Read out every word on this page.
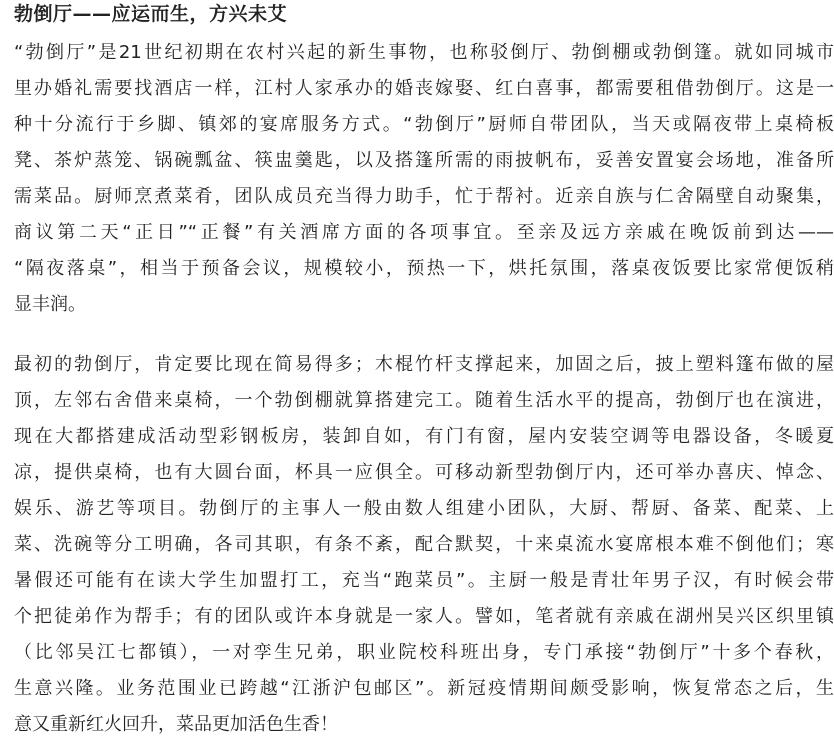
勃倒厅——应运而生，方兴未艾
“勃倒厅”是21世纪初期在农村兴起的新生事物，也称驳倒厅、勃倒棚或勃倒篷。就如同城市
里办婚礼需要找酒店一样，江村人家承办的婚丧嫁娶、红白喜事，都需要租借勃倒厅。这是一
种十分流行于乡脚、镇郊的宴席服务方式。“勃倒厅”厨师自带团队，当天或隔夜带上桌椅板
凳、茶炉蒸笼、锅碗瓢盆、筷盅羹匙，以及搭篷所需的雨披帆布，妥善安置宴会场地，准备所
需菜品。厨师烹煮菜肴，团队成员充当得力助手，忙于帮衬。近亲自族与仁舍隔壁自动聚集，
商议第二天“正日”“正餐”有关酒席方面的各项事宜。至亲及远方亲戚在晚饭前到达——
“隔夜落桌”，相当于预备会议，规模较小，预热一下，烘托氛围，落桌夜饭要比家常便饭稍
显丰润。
最初的勃倒厅，肯定要比现在简易得多；木棍竹杆支撑起来，加固之后，披上塑料篷布做的屋
顶，左邻右舍借来桌椅，一个勃倒棚就算搭建完工。随着生活水平的提高，勃倒厅也在演进，
现在大都搭建成活动型彩钢板房，装卸自如，有门有窗，屋内安装空调等电器设备，冬暖夏
凉，提供桌椅，也有大圆台面，杯具一应俱全。可移动新型勃倒厅内，还可举办喜庆、悼念、
娱乐、游艺等项目。勃倒厅的主事人一般由数人组建小团队，大厨、帮厨、备菜、配菜、上
菜、洗碗等分工明确，各司其职，有条不紊，配合默契，十来桌流水宴席根本难不倒他们；寒
暑假还可能有在读大学生加盟打工，充当“跑菜员”。主厨一般是青壮年男子汉，有时候会带
个把徒弟作为帮手；有的团队或许本身就是一家人。譬如，笔者就有亲戚在湖州吴兴区织里镇
（比邻吴江七都镇），一对孪生兄弟，职业院校科班出身，专门承接“勃倒厅”十多个春秋，
生意兴隆。业务范围业已跨越“江浙沪包邮区”。新冠疫情期间颇受影响，恢复常态之后，生
意又重新红火回升，菜品更加活色生香！
